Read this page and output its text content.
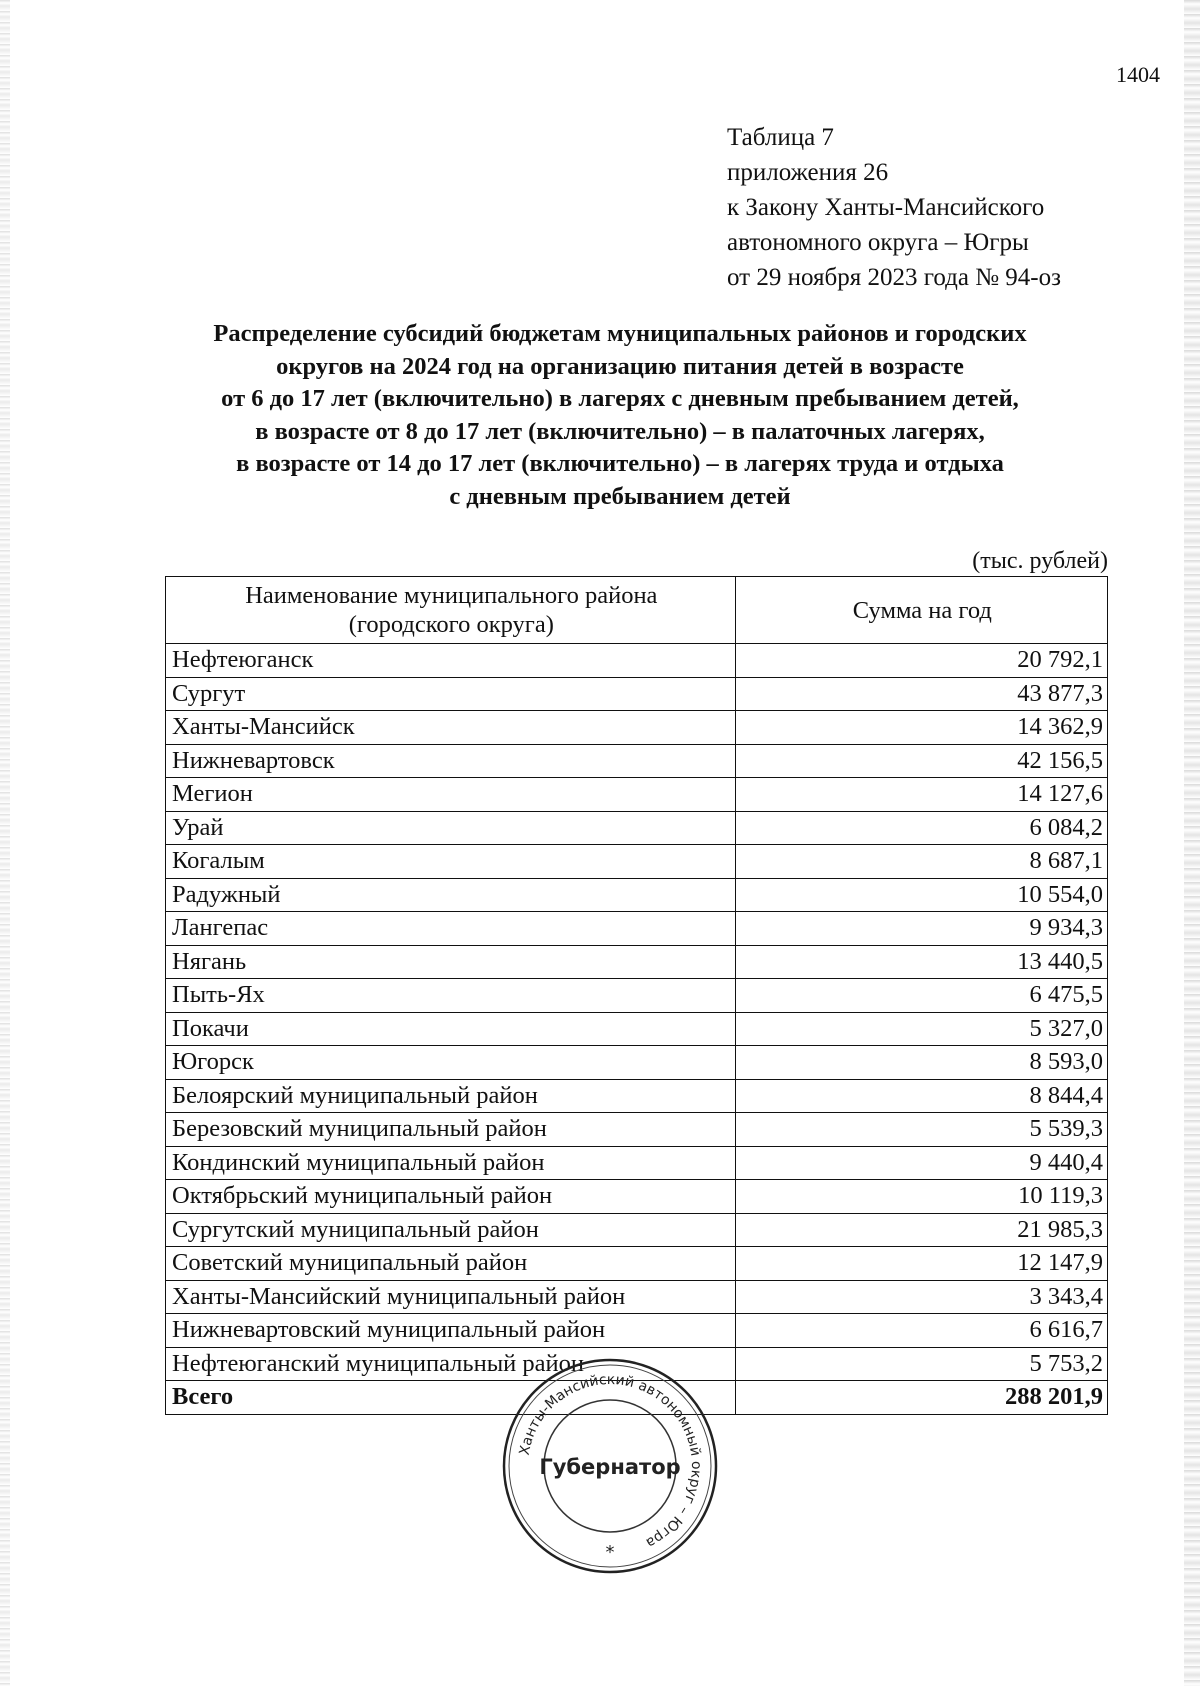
1404
Таблица 7
приложения 26
к Закону Ханты-Мансийского
автономного округа – Югры
от 29 ноября 2023 года № 94-оз
Распределение субсидий бюджетам муниципальных районов и городских
округов на 2024 год на организацию питания детей в возрасте
от 6 до 17 лет (включительно) в лагерях с дневным пребыванием детей,
в возрасте от 8 до 17 лет (включительно) – в палаточных лагерях,
в возрасте от 14 до 17 лет (включительно) – в лагерях труда и отдыха
с дневным пребыванием детей
(тыс. рублей)
Наименование муниципального района
(городского округа)	Сумма на год
Нефтеюганск	20 792,1
Сургут	43 877,3
Ханты-Мансийск	14 362,9
Нижневартовск	42 156,5
Мегион	14 127,6
Урай	6 084,2
Когалым	8 687,1
Радужный	10 554,0
Лангепас	9 934,3
Нягань	13 440,5
Пыть-Ях	6 475,5
Покачи	5 327,0
Югорск	8 593,0
Белоярский муниципальный район	8 844,4
Березовский муниципальный район	5 539,3
Кондинский муниципальный район	9 440,4
Октябрьский муниципальный район	10 119,3
Сургутский муниципальный район	21 985,3
Советский муниципальный район	12 147,9
Ханты-Мансийский муниципальный район	3 343,4
Нижневартовский муниципальный район	6 616,7
Нефтеюганский муниципальный район	5 753,2
Всего	288 201,9
Ханты-Мансийский автономный округ – Югра
Губернатор
*
